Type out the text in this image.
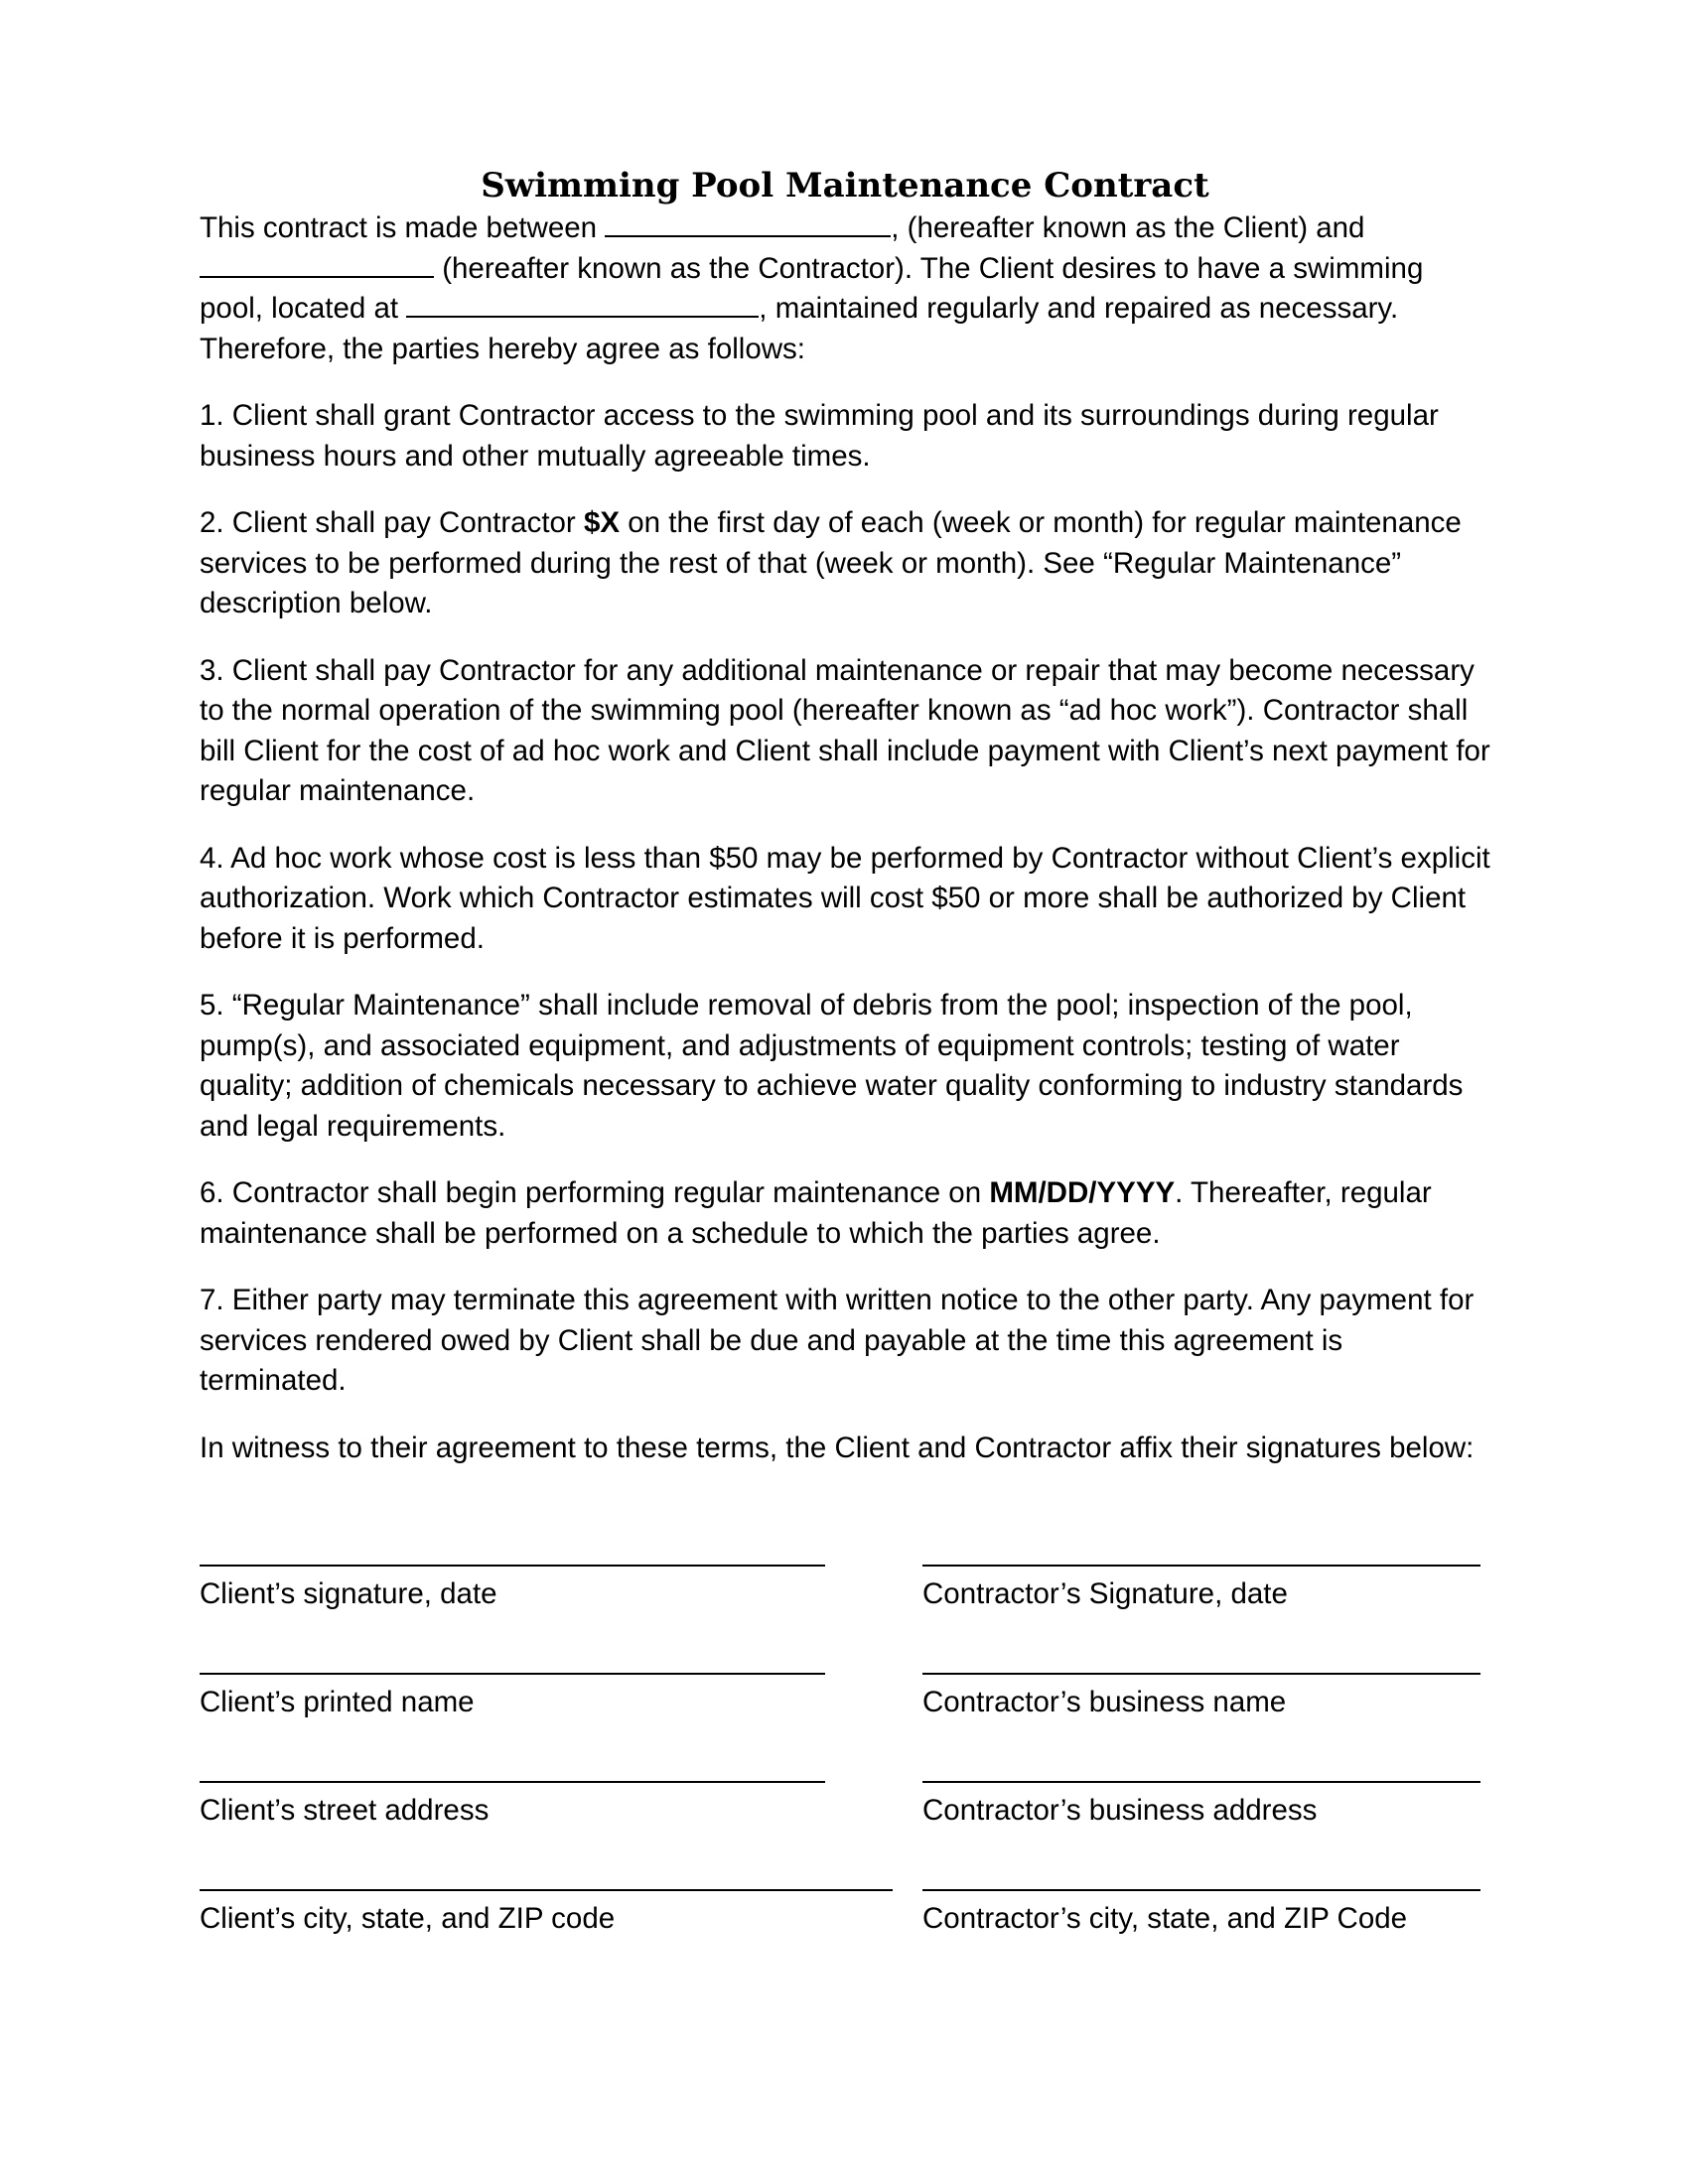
Swimming Pool Maintenance Contract

This contract is made between	, (hereafter known as the Client) and  (hereafter known as the Contractor). The Client desires to have a swimming pool, located at	, maintained regularly and repaired as necessary. Therefore, the parties hereby agree as follows:

1. Client shall grant Contractor access to the swimming pool and its surroundings during regular business hours and other mutually agreeable times.

2. Client shall pay Contractor $X on the first day of each (week or month) for regular maintenance services to be performed during the rest of that (week or month). See “Regular Maintenance” description below.

3. Client shall pay Contractor for any additional maintenance or repair that may become necessary to the normal operation of the swimming pool (hereafter known as “ad hoc work”). Contractor shall bill Client for the cost of ad hoc work and Client shall include payment with Client’s next payment for regular maintenance.

4. Ad hoc work whose cost is less than $50 may be performed by Contractor without Client’s explicit authorization. Work which Contractor estimates will cost $50 or more shall be authorized by Client before it is performed.

5. “Regular Maintenance” shall include removal of debris from the pool; inspection of the pool, pump(s), and associated equipment, and adjustments of equipment controls; testing of water quality; addition of chemicals necessary to achieve water quality conforming to industry standards and legal requirements.

6. Contractor shall begin performing regular maintenance on MM/DD/YYYY. Thereafter, regular maintenance shall be performed on a schedule to which the parties agree.

7. Either party may terminate this agreement with written notice to the other party. Any payment for services rendered owed by Client shall be due and payable at the time this agreement is terminated.

In witness to their agreement to these terms, the Client and Contractor affix their signatures below:

Client’s signature, date	Contractor’s Signature, date
Client’s printed name	Contractor’s business name
Client’s street address	Contractor’s business address
Client’s city, state, and ZIP code	Contractor’s city, state, and ZIP Code
